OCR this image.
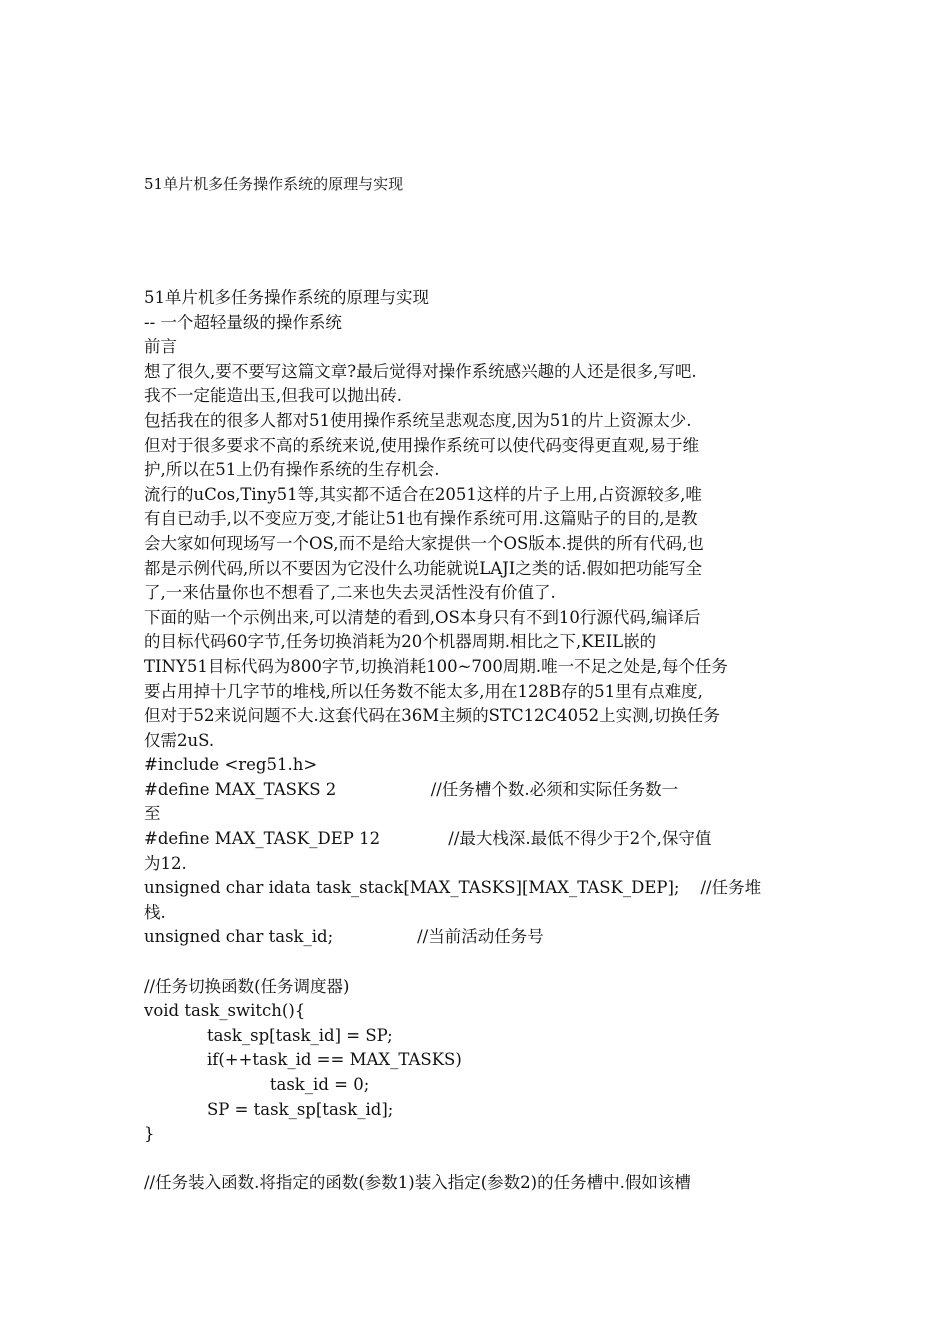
51单片机多任务操作系统的原理与实现
51单片机多任务操作系统的原理与实现
-- 一个超轻量级的操作系统
前言
想了很久,要不要写这篇文章?最后觉得对操作系统感兴趣的人还是很多,写吧.
我不一定能造出玉,但我可以抛出砖.
包括我在的很多人都对51使用操作系统呈悲观态度,因为51的片上资源太少.
但对于很多要求不高的系统来说,使用操作系统可以使代码变得更直观,易于维
护,所以在51上仍有操作系统的生存机会.
流行的uCos,Tiny51等,其实都不适合在2051这样的片子上用,占资源较多,唯
有自已动手,以不变应万变,才能让51也有操作系统可用.这篇贴子的目的,是教
会大家如何现场写一个OS,而不是给大家提供一个OS版本.提供的所有代码,也
都是示例代码,所以不要因为它没什么功能就说LAJI之类的话.假如把功能写全
了,一来估量你也不想看了,二来也失去灵活性没有价值了.
下面的贴一个示例出来,可以清楚的看到,OS本身只有不到10行源代码,编译后
的目标代码60字节,任务切换消耗为20个机器周期.相比之下,KEIL嵌的
TINY51目标代码为800字节,切换消耗100~700周期.唯一不足之处是,每个任务
要占用掉十几字节的堆栈,所以任务数不能太多,用在128B存的51里有点难度,
但对于52来说问题不大.这套代码在36M主频的STC12C4052上实测,切换任务
仅需2uS.
#include <reg51.h>
#define MAX_TASKS 2                  //任务槽个数.必须和实际任务数一
至
#define MAX_TASK_DEP 12             //最大栈深.最低不得少于2个,保守值
为12.
unsigned char idata task_stack[MAX_TASKS][MAX_TASK_DEP];    //任务堆
栈.
unsigned char task_id;                //当前活动任务号
//任务切换函数(任务调度器)
void task_switch(){
task_sp[task_id] = SP;
if(++task_id == MAX_TASKS)
task_id = 0;
SP = task_sp[task_id];
}
//任务装入函数.将指定的函数(参数1)装入指定(参数2)的任务槽中.假如该槽
